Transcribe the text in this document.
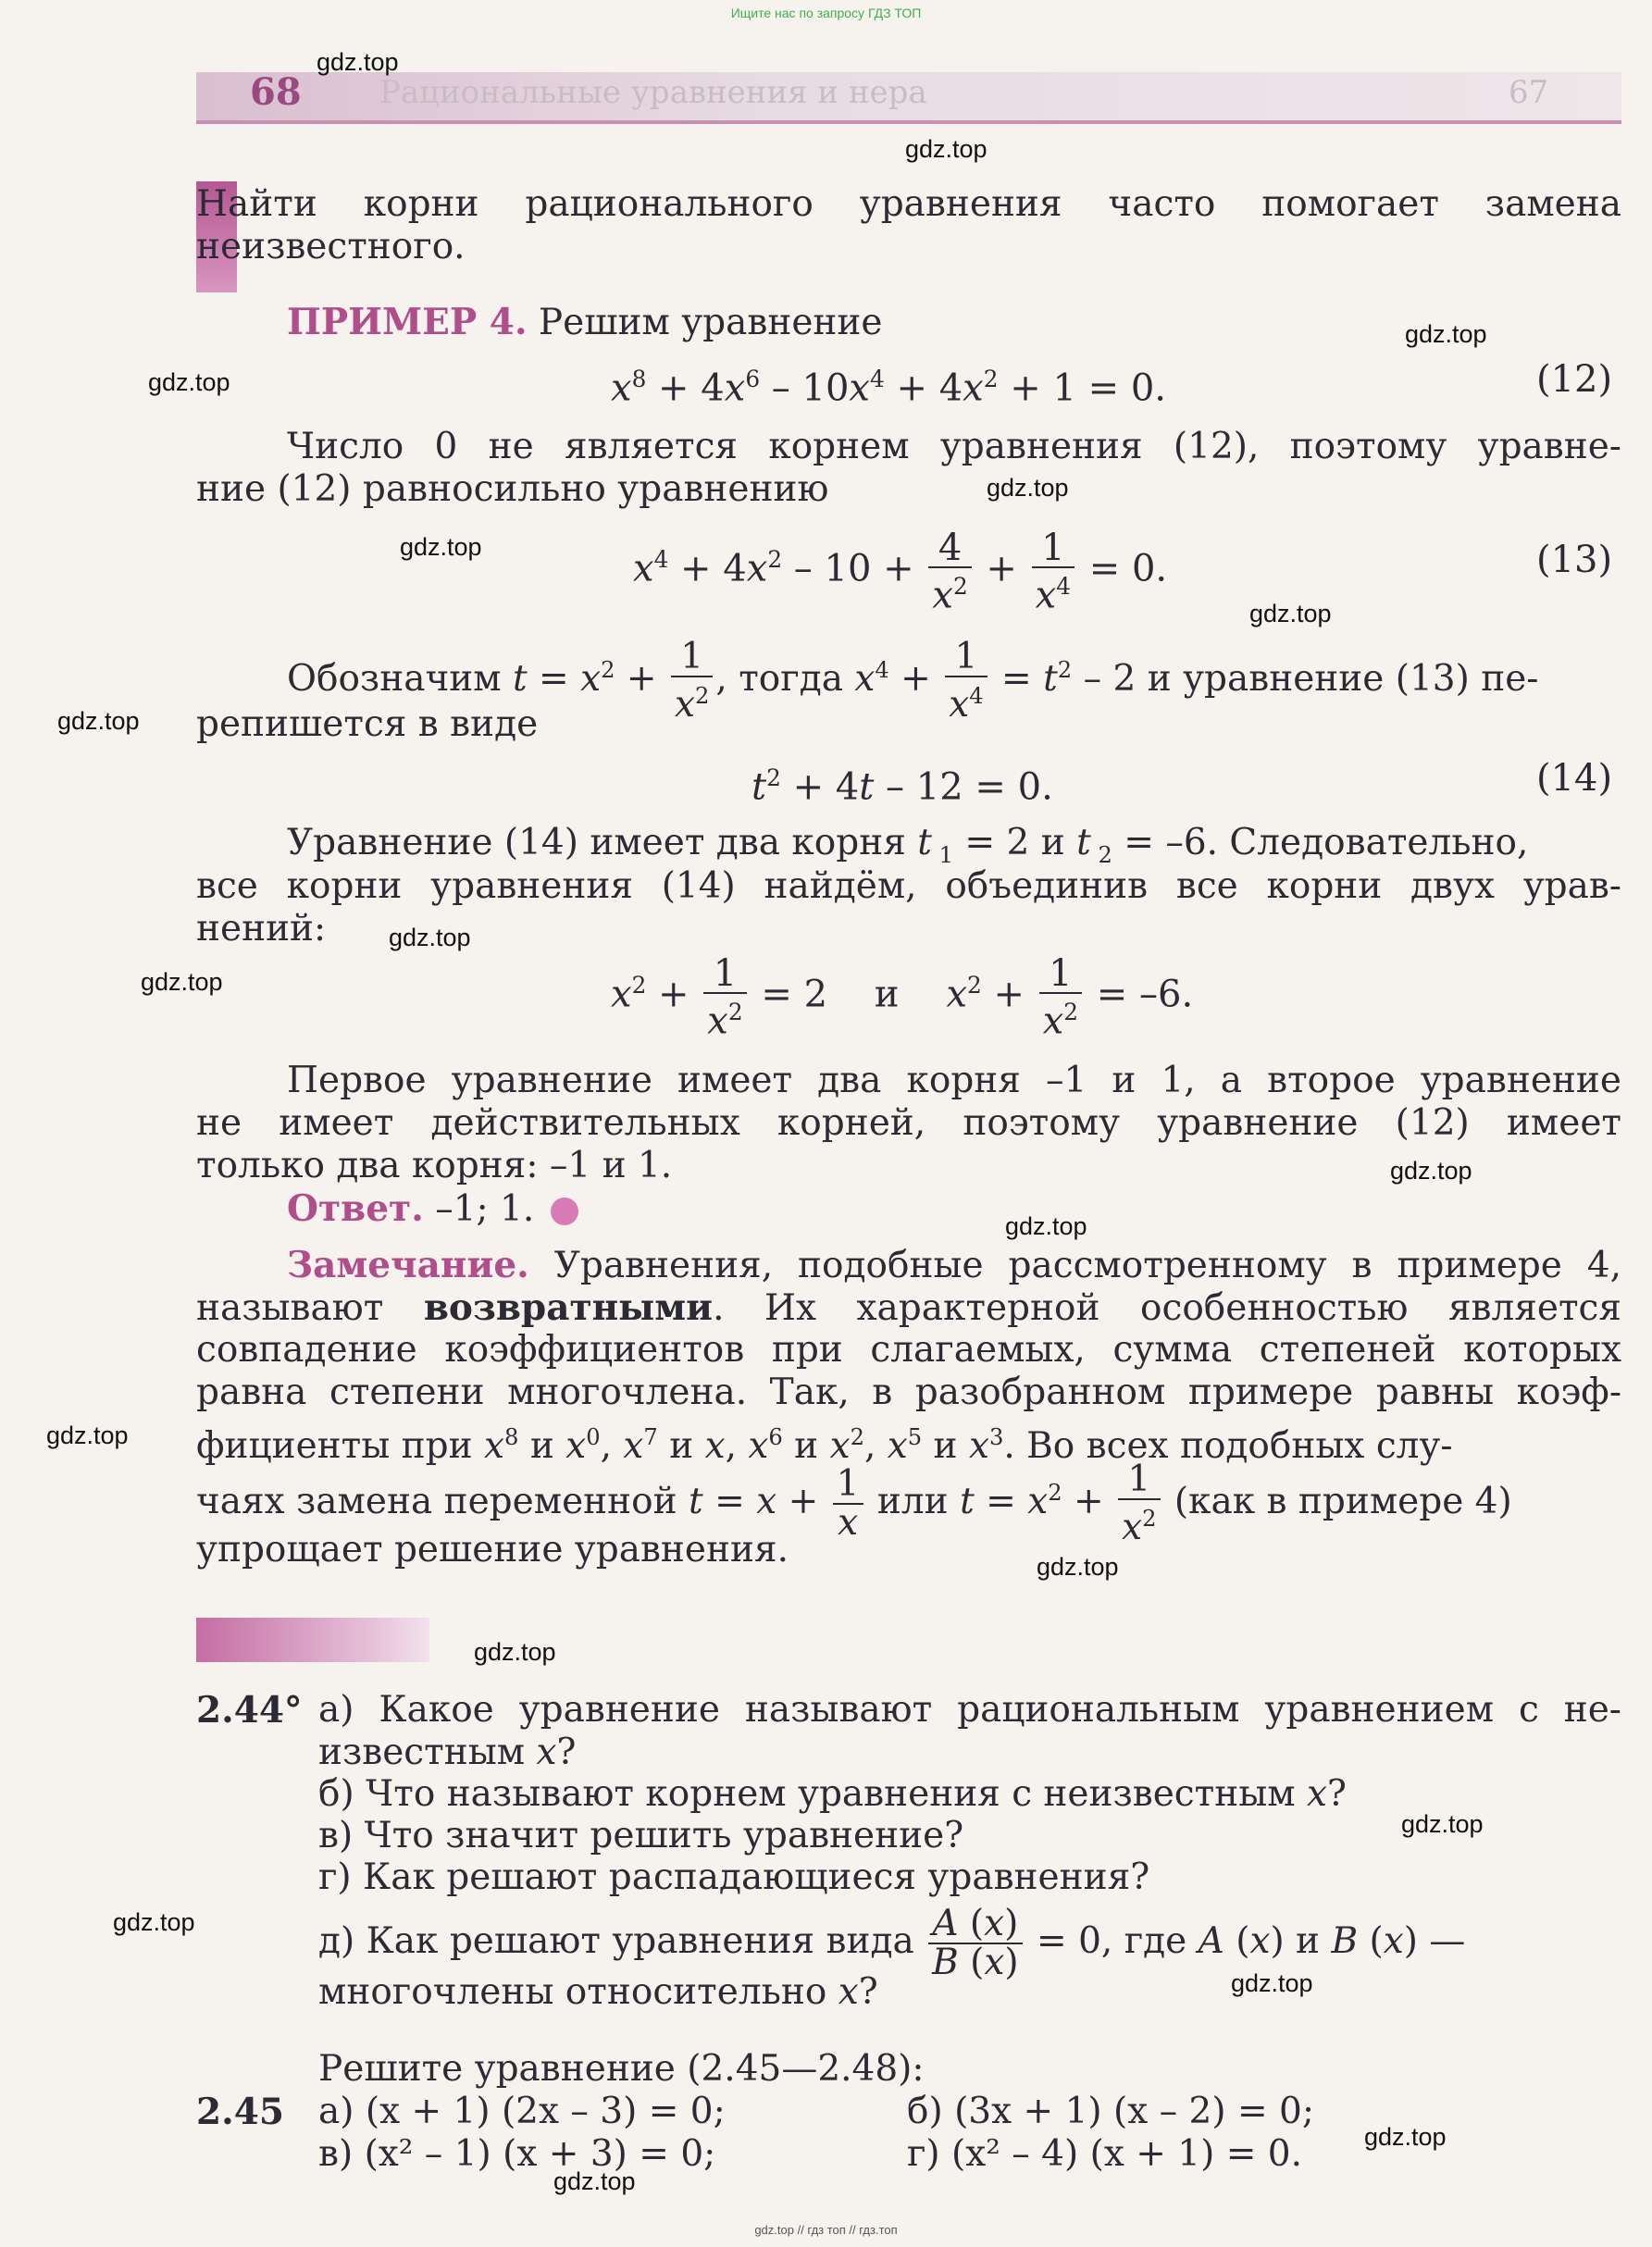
Ищите нас по запросу ГДЗ ТОП
68 Рациональные уравнения и нера	67
Найти корни рационального уравнения часто помогает замена
неизвестного.
ПРИМЕР 4. Решим уравнение
$x^8 + 4x^6 - 10x^4 + 4x^2 + 1 = 0$.	(12)
Число 0 не является корнем уравнения (12), поэтому уравне-
ние (12) равносильно уравнению
$x^4 + 4x^2 - 10 + \frac{4}{x^2} + \frac{1}{x^4} = 0$.	(13)
Обозначим $t = x^2 + \frac{1}{x^2}$ , тогда $x^4 + \frac{1}{x^4} = t^2 - 2$ и уравнение (13) пе-
репишется в виде
$t^2 + 4t - 12 = 0$.	(14)
Уравнение (14) имеет два корня t $_1$ = 2 и t $_2$ = –6. Следовательно,
все корни уравнения (14) найдём, объединив все корни двух урав-
нений:
$x^2 + \frac{1}{x^2} = 2$    и $x^2 + \frac{1}{x^2} = -6$.
Первое уравнение имеет два корня –1 и 1, а второе уравнение
не имеет действительных корней, поэтому уравнение (12) имеет
только два корня: –1 и 1.
Ответ. –1; 1.
Замечание. Уравнения, подобные рассмотренному в примере 4,
называют возвратными. Их характерной особенностью является
совпадение коэффициентов при слагаемых, сумма степеней которых
равна степени многочлена. Так, в разобранном примере равны коэф-
фициенты при $x^8$ и $x^0$, $x^7$ и x, $x^6$ и $x^2$, $x^5$ и $x^3$. Во всех подобных слу-
чаях замена переменной $t = x + \frac{1}{x}$ или $t = x^2 + \frac{1}{x^2} (как$ в примере 4)
упрощает решение уравнения.
2.44° а) Какое уравнение называют рациональным уравнением с не-
известным x?
б) Что называют корнем уравнения с неизвестным x?
в) Что значит решить уравнение?
г) Как решают распадающиеся уравнения?
д) Как решают уравнения вида $\frac{A (x)}{B (x)} = 0$, где A (x) и B (x) —
многочлены относительно x?
Решите уравнение (2.45—2.48):
2.45 а) (x + 1) (2x – 3) = 0;	б) (3x + 1) (x – 2) = 0;
в) (x² – 1) (x + 3) = 0;	г) (x² – 4) (x + 1) = 0.
gdz.top
gdz.top
gdz.top
gdz.top
gdz.top
gdz.top
gdz.top
gdz.top
gdz.top
gdz.top
gdz.top
gdz.top
gdz.top
gdz.top
gdz.top
gdz.top
gdz.top
gdz.top
gdz.top
gdz.top
gdz.top // гдз топ // гдз.топ
